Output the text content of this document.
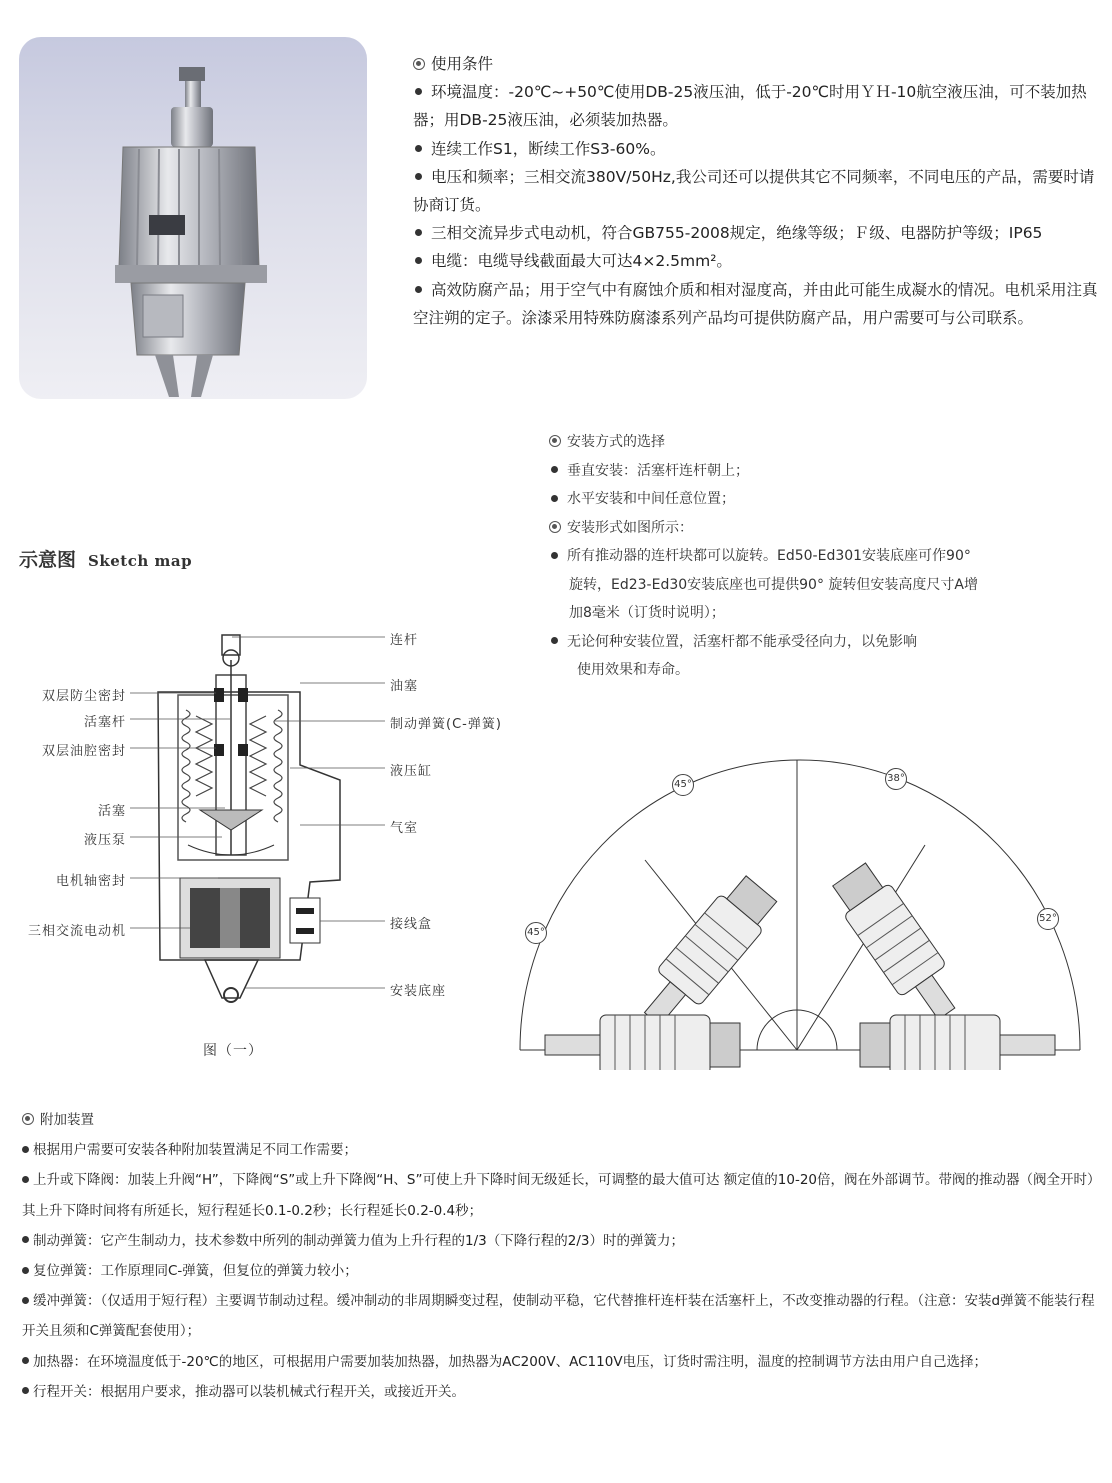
使用条件

环境温度：-20℃~+50℃使用DB-25液压油，低于-20℃时用ＹＨ-10航空液压油，可不装加热器；用DB-25液压油，必须装加热器。

连续工作S1，断续工作S3-60%。

电压和频率；三相交流380V/50Hz,我公司还可以提供其它不同频率，不同电压的产品，需要时请协商订货。

三相交流异步式电动机，符合GB755-2008规定，绝缘等级；Ｆ级、电器防护等级；IP65

电缆：电缆导线截面最大可达4×2.5mm²。

高效防腐产品；用于空气中有腐蚀介质和相对湿度高，并由此可能生成凝水的情况。电机采用注真空注朔的定子。涂漆采用特殊防腐漆系列产品均可提供防腐产品，用户需要可与公司联系。

安装方式的选择

垂直安装：活塞杆连杆朝上；

水平安装和中间任意位置；

安装形式如图所示：

所有推动器的连杆块都可以旋转。Ed50-Ed301安装底座可作90°

旋转，Ed23-Ed30安装底座也可提供90° 旋转但安装高度尺寸A增

加8毫米（订货时说明）；

无论何种安装位置，活塞杆都不能承受径向力，以免影响

使用效果和寿命。

示意图 Sketch map
双层防尘密封
活塞杆
双层油腔密封
活塞
液压泵
电机轴密封
三相交流电动机
连杆
油塞
制动弹簧(C-弹簧)
液压缸
气室
接线盒
安装底座
图（一）
45°
38°
45°
52°

附加装置

根据用户需要可安装各种附加装置满足不同工作需要；

上升或下降阀：加装上升阀“H”，下降阀“S”或上升下降阀“H、S”可使上升下降时间无级延长，可调整的最大值可达 额定值的10-20倍，阀在外部调节。带阀的推动器（阀全开时）其上升下降时间将有所延长，短行程延长0.1-0.2秒；长行程延长0.2-0.4秒；

制动弹簧：它产生制动力，技术参数中所列的制动弹簧力值为上升行程的1/3（下降行程的2/3）时的弹簧力；

复位弹簧：工作原理同C-弹簧，但复位的弹簧力较小；

缓冲弹簧：（仅适用于短行程）主要调节制动过程。缓冲制动的非周期瞬变过程，使制动平稳，它代替推杆连杆装在活塞杆上，不改变推动器的行程。（注意：安装d弹簧不能装行程开关且须和C弹簧配套使用）；

加热器：在环境温度低于-20℃的地区，可根据用户需要加装加热器，加热器为AC200V、AC110V电压，订货时需注明，温度的控制调节方法由用户自己选择；

行程开关：根据用户要求，推动器可以装机械式行程开关，或接近开关。
